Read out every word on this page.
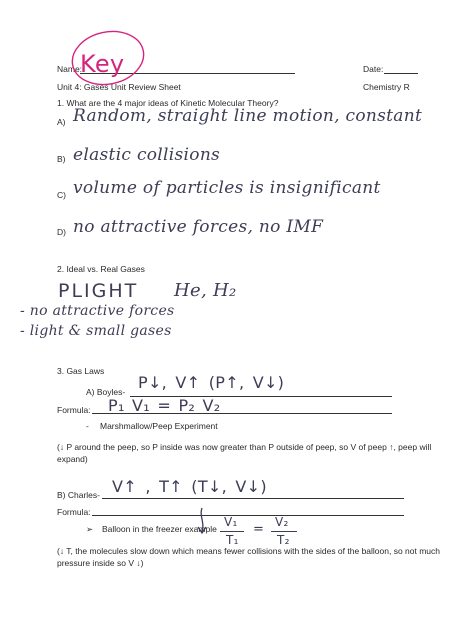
Name:
Key	Date:
Unit 4: Gases Unit Review Sheet	Chemistry R
1. What are the 4 major ideas of Kinetic Molecular Theory?
A) Random, straight line motion, constant
B) elastic collisions
C) volume of particles is insignificant
D) no attractive forces, no IMF
2. Ideal vs. Real Gases
PLIGHT He, H₂
- no attractive forces
- light & small gases
3. Gas Laws
A) Boyles- P↓, V↑ (P↑, V↓)
Formula: P₁ V₁ = P₂ V₂
- Marshmallow/Peep Experiment
(↓ P around the peep, so P inside was now greater than P outside of peep, so V of peep ↑, peep will expand)
B) Charles- V↑ , T↑ (T↓, V↓)
Formula:
➢ Balloon in the freezer example V₁
T₁
= V₂
T₂
(↓ T, the molecules slow down which means fewer collisions with the sides of the balloon, so not much pressure inside so V ↓)
